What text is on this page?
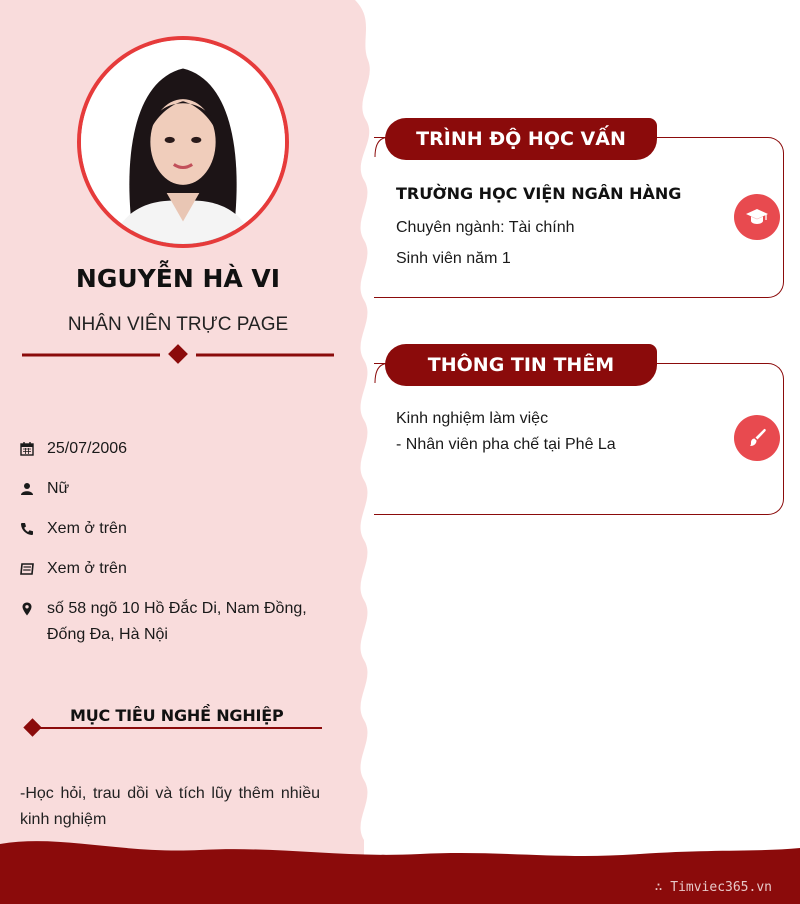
NGUYỄN HÀ VI
NHÂN VIÊN TRỰC PAGE
25/07/2006
Nữ
Xem ở trên
Xem ở trên
số 58 ngõ 10 Hồ Đắc Di, Nam Đồng, Đống Đa, Hà Nội
MỤC TIÊU NGHỀ NGHIỆP
-Học hỏi, trau dồi và tích lũy thêm nhiều kinh nghiệm
TRÌNH ĐỘ HỌC VẤN
TRƯỜNG HỌC VIỆN NGÂN HÀNG
Chuyên ngành: Tài chính
Sinh viên năm 1
THÔNG TIN THÊM
Kinh nghiệm làm việc
- Nhân viên pha chế tại Phê La
∴ Timviec365.vn
